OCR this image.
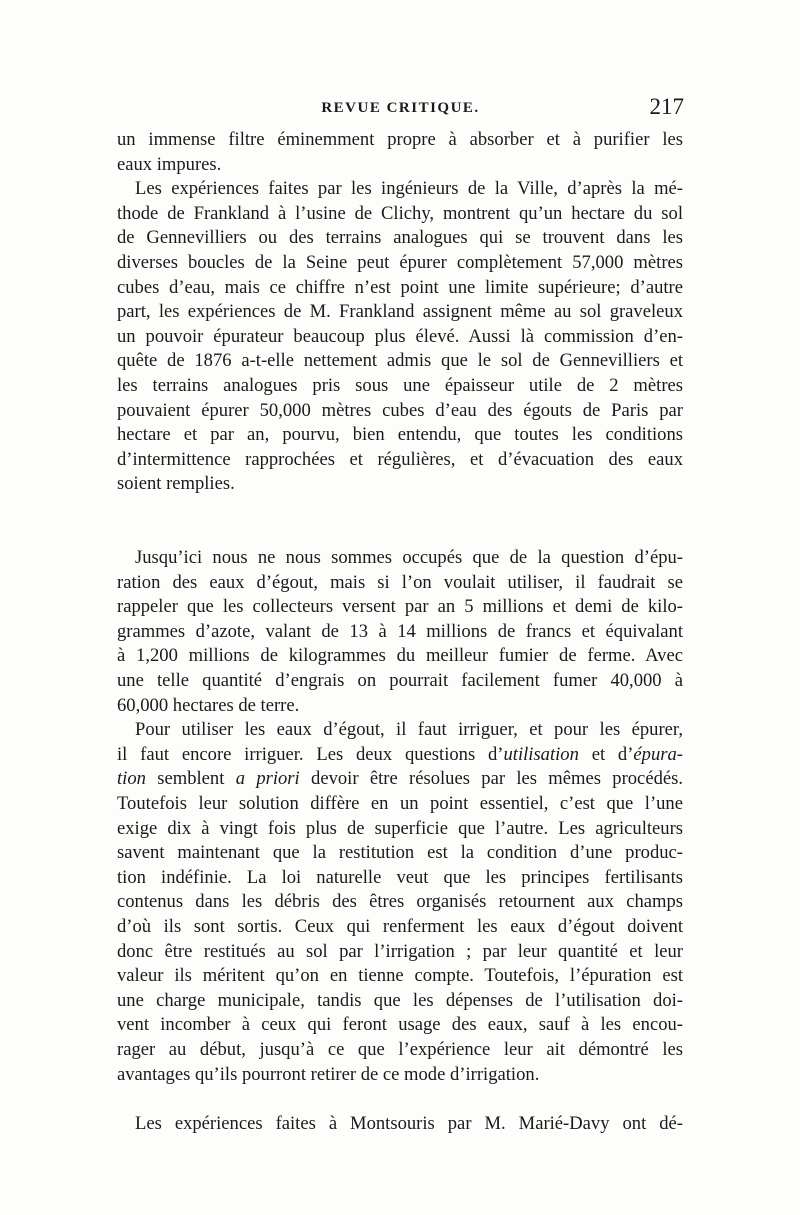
REVUE CRITIQUE.	217
un immense filtre éminemment propre à absorber et à purifier les
eaux impures.
Les expériences faites par les ingénieurs de la Ville, d’après la mé-
thode de Frankland à l’usine de Clichy, montrent qu’un hectare du sol
de Gennevilliers ou des terrains analogues qui se trouvent dans les
diverses boucles de la Seine peut épurer complètement 57,000 mètres
cubes d’eau, mais ce chiffre n’est point une limite supérieure; d’autre
part, les expériences de M. Frankland assignent même au sol graveleux
un pouvoir épurateur beaucoup plus élevé. Aussi là commission d’en-
quête de 1876 a-t-elle nettement admis que le sol de Gennevilliers et
les terrains analogues pris sous une épaisseur utile de 2 mètres
pouvaient épurer 50,000 mètres cubes d’eau des égouts de Paris par
hectare et par an, pourvu, bien entendu, que toutes les conditions
d’intermittence rapprochées et régulières, et d’évacuation des eaux
soient remplies.
Jusqu’ici nous ne nous sommes occupés que de la question d’épu-
ration des eaux d’égout, mais si l’on voulait utiliser, il faudrait se
rappeler que les collecteurs versent par an 5 millions et demi de kilo-
grammes d’azote, valant de 13 à 14 millions de francs et équivalant
à 1,200 millions de kilogrammes du meilleur fumier de ferme. Avec
une telle quantité d’engrais on pourrait facilement fumer 40,000 à
60,000 hectares de terre.
Pour utiliser les eaux d’égout, il faut irriguer, et pour les épurer,
il faut encore irriguer. Les deux questions d’utilisation et d’épura-
tion semblent a priori devoir être résolues par les mêmes procédés.
Toutefois leur solution diffère en un point essentiel, c’est que l’une
exige dix à vingt fois plus de superficie que l’autre. Les agriculteurs
savent maintenant que la restitution est la condition d’une produc-
tion indéfinie. La loi naturelle veut que les principes fertilisants
contenus dans les débris des êtres organisés retournent aux champs
d’où ils sont sortis. Ceux qui renferment les eaux d’égout doivent
donc être restitués au sol par l’irrigation ; par leur quantité et leur
valeur ils méritent qu’on en tienne compte. Toutefois, l’épuration est
une charge municipale, tandis que les dépenses de l’utilisation doi-
vent incomber à ceux qui feront usage des eaux, sauf à les encou-
rager au début, jusqu’à ce que l’expérience leur ait démontré les
avantages qu’ils pourront retirer de ce mode d’irrigation.
Les expériences faites à Montsouris par M. Marié-Davy ont dé-
